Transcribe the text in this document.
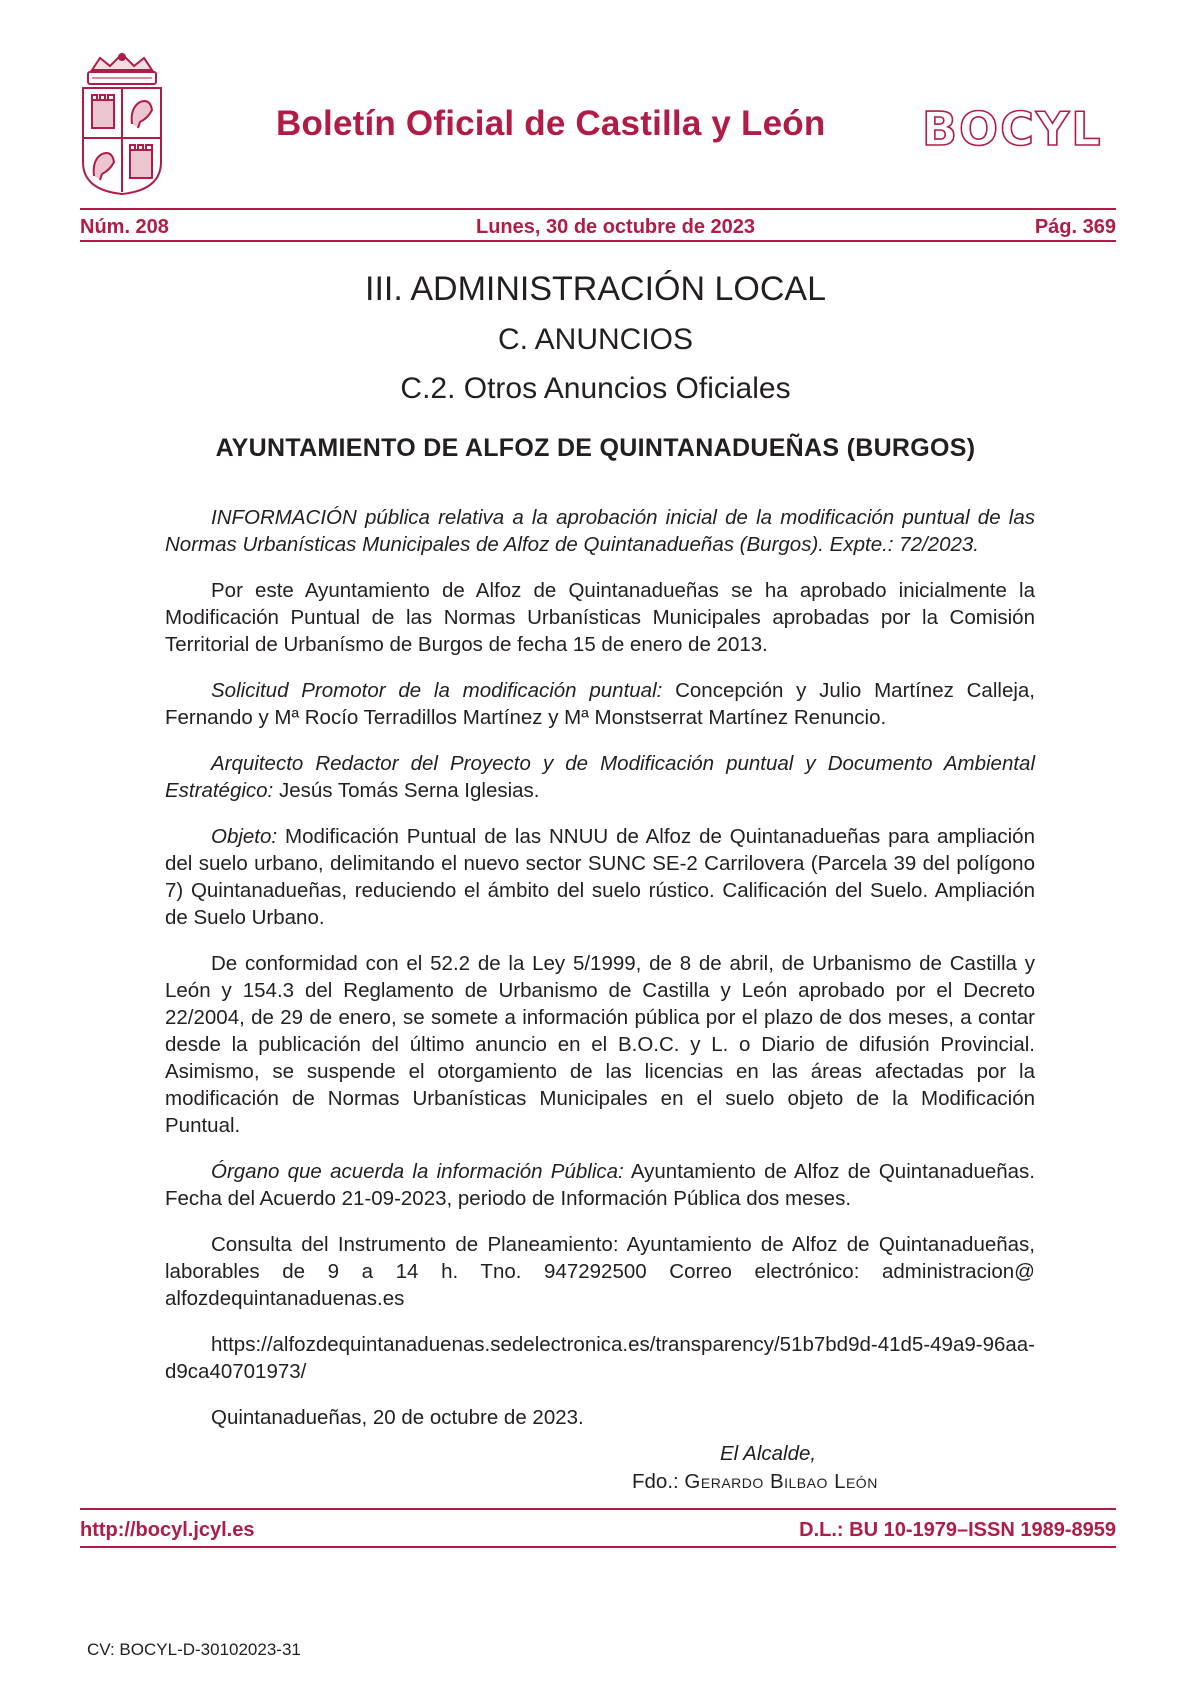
Boletín Oficial de Castilla y León BOCYL
Núm. 208	Lunes, 30 de octubre de 2023	Pág. 369
III. ADMINISTRACIÓN LOCAL
C. ANUNCIOS
C.2. Otros Anuncios Oficiales
AYUNTAMIENTO DE ALFOZ DE QUINTANADUEÑAS (BURGOS)

INFORMACIÓN pública relativa a la aprobación inicial de la modificación puntual de las Normas Urbanísticas Municipales de Alfoz de Quintanadueñas (Burgos). Expte.: 72/2023.

Por este Ayuntamiento de Alfoz de Quintanadueñas se ha aprobado inicialmente la Modificación Puntual de las Normas Urbanísticas Municipales aprobadas por la Comisión Territorial de Urbanísmo de Burgos de fecha 15 de enero de 2013.

Solicitud Promotor de la modificación puntual: Concepción y Julio Martínez Calleja, Fernando y Mª Rocío Terradillos Martínez y Mª Monstserrat Martínez Renuncio.

Arquitecto Redactor del Proyecto y de Modificación puntual y Documento Ambiental Estratégico: Jesús Tomás Serna Iglesias.

Objeto: Modificación Puntual de las NNUU de Alfoz de Quintanadueñas para ampliación del suelo urbano, delimitando el nuevo sector SUNC SE-2 Carrilovera (Parcela 39 del polígono 7) Quintanadueñas, reduciendo el ámbito del suelo rústico. Calificación del Suelo. Ampliación de Suelo Urbano.

De conformidad con el 52.2 de la Ley 5/1999, de 8 de abril, de Urbanismo de Castilla y León y 154.3 del Reglamento de Urbanismo de Castilla y León aprobado por el Decreto 22/2004, de 29 de enero, se somete a información pública por el plazo de dos meses, a contar desde la publicación del último anuncio en el B.O.C. y L. o Diario de difusión Provincial. Asimismo, se suspende el otorgamiento de las licencias en las áreas afectadas por la modificación de Normas Urbanísticas Municipales en el suelo objeto de la Modificación Puntual.

Órgano que acuerda la información Pública: Ayuntamiento de Alfoz de Quintanadueñas. Fecha del Acuerdo 21-09-2023, periodo de Información Pública dos meses.

Consulta del Instrumento de Planeamiento: Ayuntamiento de Alfoz de Quintanadueñas, laborables de 9 a 14 h. Tno. 947292500 Correo electrónico: administracion@ alfozdequintanaduenas.es

https://alfozdequintanaduenas.sedelectronica.es/transparency/51b7bd9d-41d5-49a9-96aa-d9ca40701973/

Quintanadueñas, 20 de octubre de 2023.

El Alcalde,
Fdo.: Gerardo Bilbao León
http://bocyl.jcyl.es	D.L.: BU 10-1979–ISSN 1989-8959
CV: BOCYL-D-30102023-31
